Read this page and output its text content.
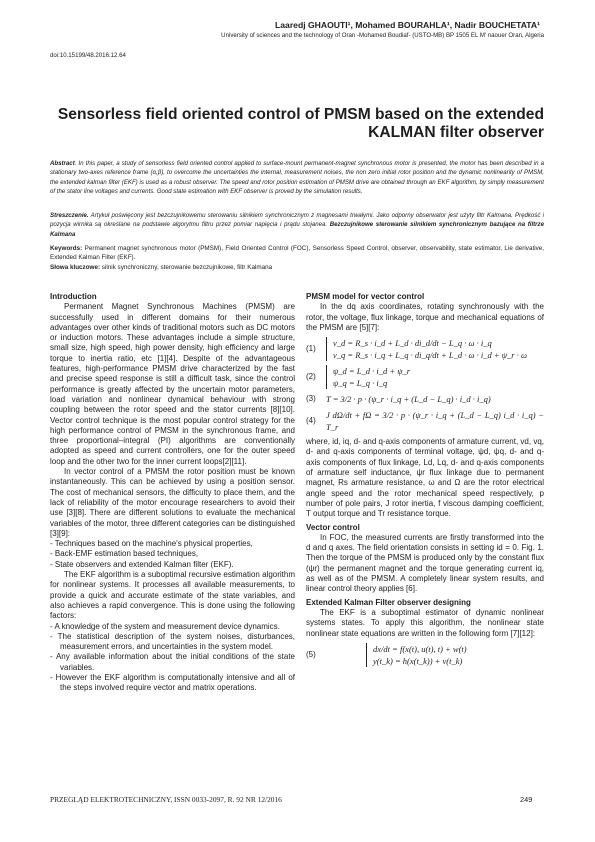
Laaredj GHAOUTI¹, Mohamed BOURAHLA¹, Nadir BOUCHETATA¹
University of sciences and the technology of Oran -Mohamed Boudiaf- (USTO-MB) BP 1505 EL M' naouer Oran, Algeria
doi:10.15199/48.2016.12.64
Sensorless field oriented control of PMSM based on the extended KALMAN filter observer
Abstract. In this paper, a study of sensorless field oriented control applied to surface-mount permanent-magnet synchronous motor is presented, the motor has been described in a stationary two-axes reference frame (α,β), to overcome the uncertainties the internal, measurement noises, the non zero initial rotor position and the dynamic nonlinearity of PMSM, the extended kalman filter (EKF) is used as a robust observer. The speed and rotor position estimation of PMSM drive are obtained through an EKF algorithm, by simply measurement of the stator line voltages and currents. Good state estimation with EKF observer is proved by the simulation results.
Streszczenie. Artykuł poświęcony jest bezczujnikowemu sterowaniu silnikiem synchronicznym z magnesami trwałymi. Jako odporny obserwator jest użyty filtr Kalmana. Prędkość i pozycja wirnika są określane na podstawie algorytmu filtru przez pomiar napięcia i prądu stojanea. Bezczujnikowe sterowanie silnikiem synchronicznym bazujące na filtrze Kalmana
Keywords: Permanent magnet synchronous motor (PMSM), Field Oriented Control (FOC), Sensorless Speed Control, observer, observability, state estimator, Lie derivative, Extended Kalman Filter (EKF).
Słowa kluczowe: silnik synchroniczny, sterowanie bezczujnikowe, filtr Kalmana
Introduction

Permanent Magnet Synchronous Machines (PMSM) are successfully used in different domains for their numerous advantages over other kinds of traditional motors such as DC motors or induction motors. These advantages include a simple structure, small size, high speed, high power density, high efficiency and large torque to inertia ratio, etc [1][4]. Despite of the advantageous features, high-performance PMSM drive characterized by the fast and precise speed response is still a difficult task, since the control performance is greatly affected by the uncertain motor parameters, load variation and nonlinear dynamical behaviour with strong coupling between the rotor speed and the stator currents [8][10]. Vector control technique is the most popular control strategy for the high performance control of PMSM in the synchronous frame, and three proportional–integral (PI) algorithms are conventionally adopted as speed and current controllers, one for the outer speed loop and the other two for the inner current loops[2][11].

In vector control of a PMSM the rotor position must be known instantaneously. This can be achieved by using a position sensor. The cost of mechanical sensors, the difficulty to place them, and the lack of reliability of the motor encourage researchers to avoid their use [3][8]. There are different solutions to evaluate the mechanical variables of the motor, three different categories can be distinguished [3][9]:

- Techniques based on the machine's physical properties,
- Back-EMF estimation based techniques,
- State observers and extended Kalman filter (EKF).

The EKF algorithm is a suboptimal recursive estimation algorithm for nonlinear systems. It processes all available measurements, to provide a quick and accurate estimate of the state variables, and also achieves a rapid convergence. This is done using the following factors:

- A knowledge of the system and measurement device dynamics.
- The statistical description of the system noises, disturbances, measurement errors, and uncertainties in the system model.
- Any available information about the initial conditions of the state variables.
- However the EKF algorithm is computationally intensive and all of the steps involved require vector and matrix operations.
PMSM model for vector control

In the dq axis coordinates, rotating synchronously with the rotor, the voltage, flux linkage, torque and mechanical equations of the PMSM are [5][7]:

(1)
v_d = R_s · i_d + L_d · di_d/dt − L_q · ω · i_q
v_q = R_s · i_q + L_q · di_q/dt + L_d · ω · i_d + ψ_r · ω
(2)
ψ_d = L_d · i_d + ψ_r
ψ_q = L_q · i_q
(3) T = 3/2 · p · (ψ_r · i_q + (L_d − L_q) · i_d · i_q)
(4)
J dΩ/dt + fΩ = 3/2 · p · (ψ_r · i_q + (L_d − L_q) i_d · i_q) − T_r

where, id, iq, d- and q-axis components of armature current, vd, vq, d- and q-axis components of terminal voltage, ψd, ψq, d- and q-axis components of flux linkage, Ld, Lq, d- and q-axis components of armature self inductance, ψr flux linkage due to permanent magnet, Rs armature resistance, ω and Ω are the rotor electrical angle speed and the rotor mechanical speed respectively, p number of pole pairs, J rotor inertia, f viscous damping coefficient, T output torque and Tr resistance torque.

Vector control

In FOC, the measured currents are firstly transformed into the d and q axes. The field orientation consists in setting id = 0. Fig. 1. Then the torque of the PMSM is produced only by the constant flux (ψr) the permanent magnet and the torque generating current iq, as well as of the PMSM. A completely linear system results, and linear control theory applies [6].

Extended Kalman Filter observer designing

The EKF is a suboptimal estimator of dynamic nonlinear systems states. To apply this algorithm, the nonlinear state nonlinear state equations are written in the following form [7][12]:

(5)
dx/dt = f(x(t), u(t), t) + w(t)
y(t_k) = h(x(t_k)) + v(t_k)
PRZEGLĄD ELEKTROTECHNICZNY, ISSN 0033-2097, R. 92 NR 12/2016	249
